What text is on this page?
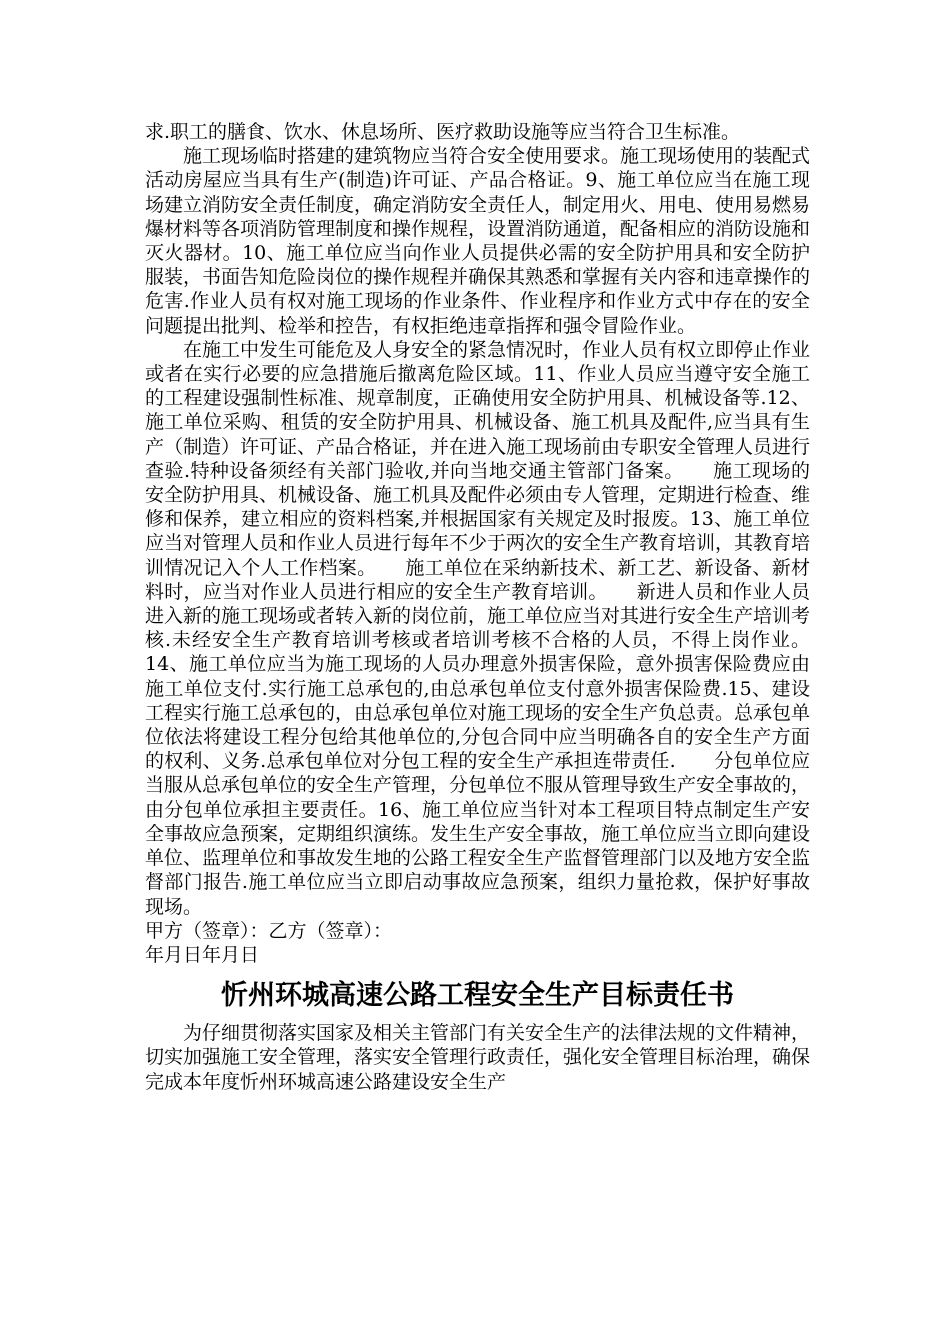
求.职工的膳食、饮水、休息场所、医疗救助设施等应当符合卫生标准。

施工现场临时搭建的建筑物应当符合安全使用要求。施工现场使用的装配式活动房屋应当具有生产(制造)许可证、产品合格证。9、施工单位应当在施工现场建立消防安全责任制度，确定消防安全责任人，制定用火、用电、使用易燃易爆材料等各项消防管理制度和操作规程，设置消防通道，配备相应的消防设施和灭火器材。10、施工单位应当向作业人员提供必需的安全防护用具和安全防护服装，书面告知危险岗位的操作规程并确保其熟悉和掌握有关内容和违章操作的危害.作业人员有权对施工现场的作业条件、作业程序和作业方式中存在的安全问题提出批判、检举和控告，有权拒绝违章指挥和强令冒险作业。

在施工中发生可能危及人身安全的紧急情况时，作业人员有权立即停止作业或者在实行必要的应急措施后撤离危险区域。11、作业人员应当遵守安全施工的工程建设强制性标准、规章制度，正确使用安全防护用具、机械设备等.12、施工单位采购、租赁的安全防护用具、机械设备、施工机具及配件,应当具有生产（制造）许可证、产品合格证，并在进入施工现场前由专职安全管理人员进行查验.特种设备须经有关部门验收,并向当地交通主管部门备案。　　施工现场的安全防护用具、机械设备、施工机具及配件必须由专人管理，定期进行检查、维修和保养，建立相应的资料档案,并根据国家有关规定及时报废。13、施工单位应当对管理人员和作业人员进行每年不少于两次的安全生产教育培训，其教育培训情况记入个人工作档案。　　施工单位在采纳新技术、新工艺、新设备、新材料时，应当对作业人员进行相应的安全生产教育培训。　　新进人员和作业人员进入新的施工现场或者转入新的岗位前，施工单位应当对其进行安全生产培训考核.未经安全生产教育培训考核或者培训考核不合格的人员，不得上岗作业。14、施工单位应当为施工现场的人员办理意外损害保险，意外损害保险费应由施工单位支付.实行施工总承包的,由总承包单位支付意外损害保险费.15、建设工程实行施工总承包的，由总承包单位对施工现场的安全生产负总责。总承包单位依法将建设工程分包给其他单位的,分包合同中应当明确各自的安全生产方面的权利、义务.总承包单位对分包工程的安全生产承担连带责任.　　分包单位应当服从总承包单位的安全生产管理，分包单位不服从管理导致生产安全事故的，由分包单位承担主要责任。16、施工单位应当针对本工程项目特点制定生产安全事故应急预案，定期组织演练。发生生产安全事故，施工单位应当立即向建设单位、监理单位和事故发生地的公路工程安全生产监督管理部门以及地方安全监督部门报告.施工单位应当立即启动事故应急预案，组织力量抢救，保护好事故现场。

甲方（签章）：乙方（签章）：

年月日年月日

忻州环城高速公路工程安全生产目标责任书

为仔细贯彻落实国家及相关主管部门有关安全生产的法律法规的文件精神，切实加强施工安全管理，落实安全管理行政责任，强化安全管理目标治理，确保完成本年度忻州环城高速公路建设安全生产
